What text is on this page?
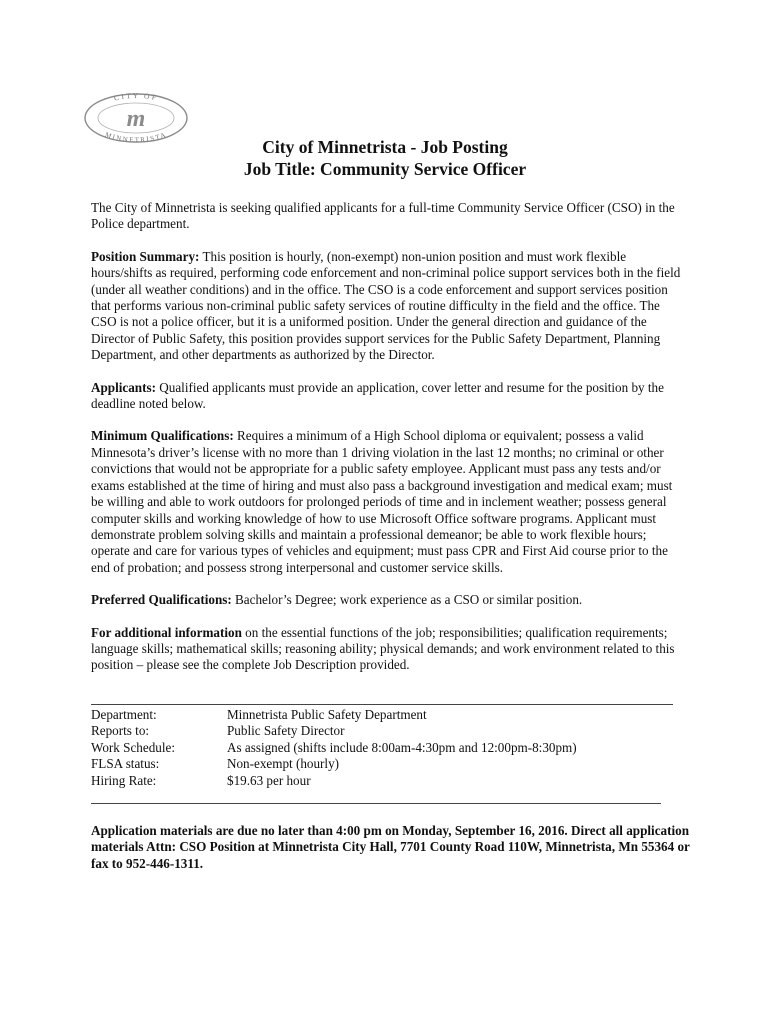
CITY OF
MINNETRISTA
m
City of Minnetrista - Job Posting
Job Title: Community Service Officer

The City of Minnetrista is seeking qualified applicants for a full-time Community Service Officer (CSO) in the Police department.

Position Summary: This position is hourly, (non-exempt) non-union position and must work flexible hours/shifts as required, performing code enforcement and non-criminal police support services both in the field (under all weather conditions) and in the office. The CSO is a code enforcement and support services position that performs various non-criminal public safety services of routine difficulty in the field and the office. The CSO is not a police officer, but it is a uniformed position. Under the general direction and guidance of the Director of Public Safety, this position provides support services for the Public Safety Department, Planning Department, and other departments as authorized by the Director.

Applicants: Qualified applicants must provide an application, cover letter and resume for the position by the deadline noted below.

Minimum Qualifications: Requires a minimum of a High School diploma or equivalent; possess a valid Minnesota’s driver’s license with no more than 1 driving violation in the last 12 months; no criminal or other convictions that would not be appropriate for a public safety employee. Applicant must pass any tests and/or exams established at the time of hiring and must also pass a background investigation and medical exam; must be willing and able to work outdoors for prolonged periods of time and in inclement weather; possess general computer skills and working knowledge of how to use Microsoft Office software programs. Applicant must demonstrate problem solving skills and maintain a professional demeanor; be able to work flexible hours; operate and care for various types of vehicles and equipment; must pass CPR and First Aid course prior to the end of probation; and possess strong interpersonal and customer service skills.

Preferred Qualifications: Bachelor’s Degree; work experience as a CSO or similar position.

For additional information on the essential functions of the job; responsibilities; qualification requirements; language skills; mathematical skills; reasoning ability; physical demands; and work environment related to this position – please see the complete Job Description provided.

Department:	Minnetrista Public Safety Department
Reports to:	Public Safety Director
Work Schedule:	As assigned (shifts include 8:00am-4:30pm and 12:00pm-8:30pm)
FLSA status:	Non-exempt (hourly)
Hiring Rate:	$19.63 per hour

Application materials are due no later than 4:00 pm on Monday, September 16, 2016. Direct all application materials Attn: CSO Position at Minnetrista City Hall, 7701 County Road 110W, Minnetrista, Mn 55364 or fax to 952-446-1311.
